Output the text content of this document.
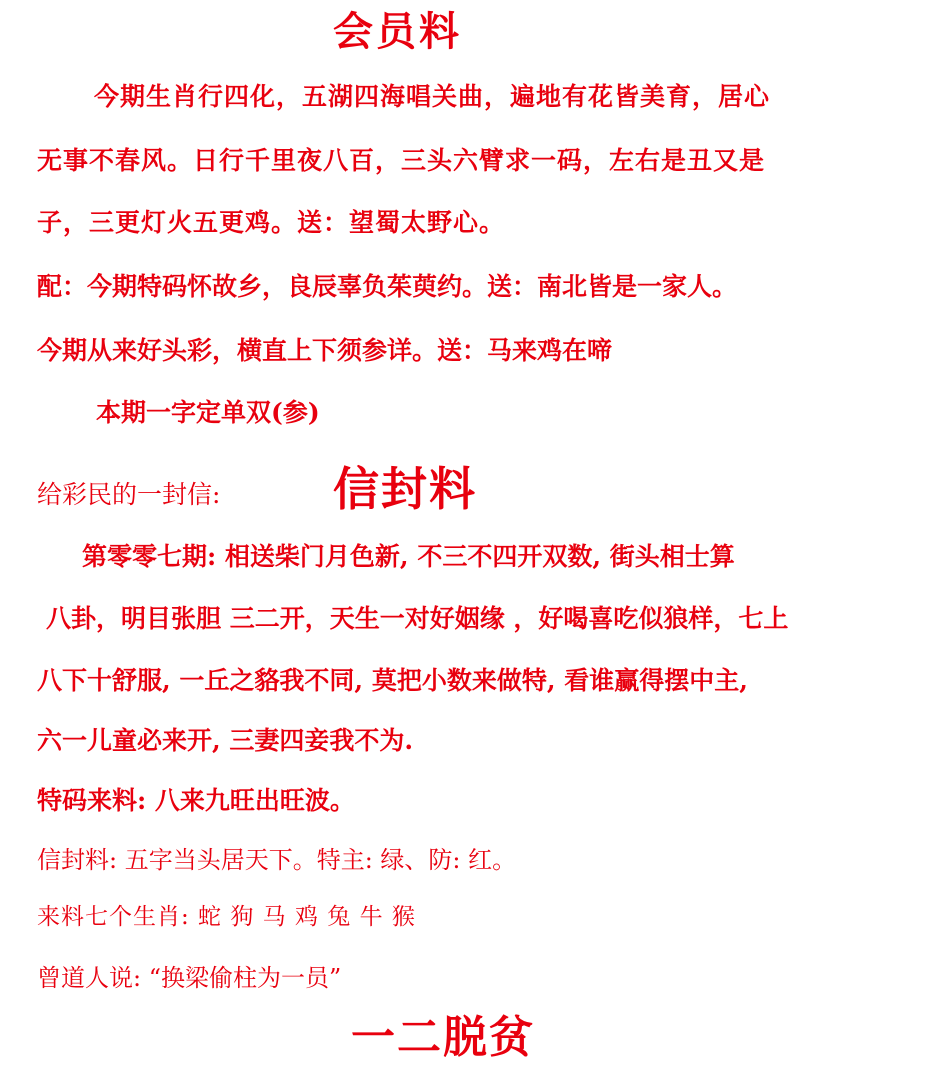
会员料
今期生肖行四化，五湖四海唱关曲，遍地有花皆美育，居心
无事不春风。日行千里夜八百，三头六臂求一码，左右是丑又是
子，三更灯火五更鸡。送：望蜀太野心。
配：今期特码怀故乡，良辰辜负茱萸约。送：南北皆是一家人。
今期从来好头彩，横直上下须参详。送：马来鸡在啼
本期一字定单双(参)
给彩民的一封信: 信封料
第零零七期: 相送柴门月色新, 不三不四开双数, 街头相士算
八卦，明目张胆 三二开，天生一对好姻缘 ，好喝喜吃似狼样，七上
八下十舒服, 一丘之貉我不同, 莫把小数来做特, 看谁赢得摆中主,
六一儿童必来开, 三妻四妾我不为.
特码来料: 八来九旺出旺波。
信封料: 五字当头居天下。特主: 绿、防: 红。
来料七个生肖: 蛇 狗 马 鸡 兔 牛 猴
曾道人说: “换梁偷柱为一员”
一二脱贫
